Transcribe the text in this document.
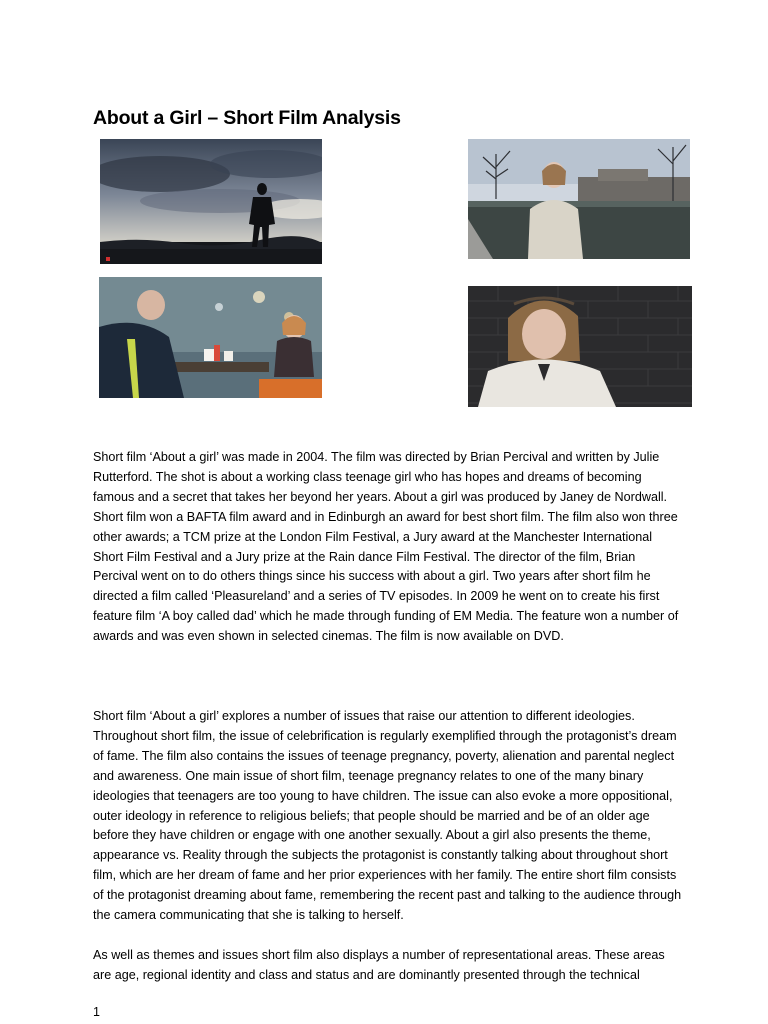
About a Girl – Short Film Analysis

Short film ‘About a girl’ was made in 2004. The film was directed by Brian Percival and written by Julie Rutterford. The shot is about a working class teenage girl who has hopes and dreams of becoming famous and a secret that takes her beyond her years. About a girl was produced by Janey de Nordwall. Short film won a BAFTA film award and in Edinburgh an award for best short film. The film also won three other awards; a TCM prize at the London Film Festival, a Jury award at the Manchester International Short Film Festival and a Jury prize at the Rain dance Film Festival. The director of the film, Brian Percival went on to do others things since his success with about a girl. Two years after short film he directed a film called ‘Pleasureland’ and a series of TV episodes. In 2009 he went on to create his first feature film ‘A boy called dad’ which he made through funding of EM Media. The feature won a number of awards and was even shown in selected cinemas. The film is now available on DVD.

Short film ‘About a girl’ explores a number of issues that raise our attention to different ideologies. Throughout short film, the issue of celebrification is regularly exemplified through the protagonist’s dream of fame. The film also contains the issues of teenage pregnancy, poverty, alienation and parental neglect and awareness. One main issue of short film, teenage pregnancy relates to one of the many binary ideologies that teenagers are too young to have children. The issue can also evoke a more oppositional, outer ideology in reference to religious beliefs; that people should be married and be of an older age before they have children or engage with one another sexually. About a girl also presents the theme, appearance vs. Reality through the subjects the protagonist is constantly talking about throughout short film, which are her dream of fame and her prior experiences with her family. The entire short film consists of the protagonist dreaming about fame, remembering the recent past and talking to the audience through the camera communicating that she is talking to herself.

As well as themes and issues short film also displays a number of representational areas. These areas are age, regional identity and class and status and are dominantly presented through the technical

1
